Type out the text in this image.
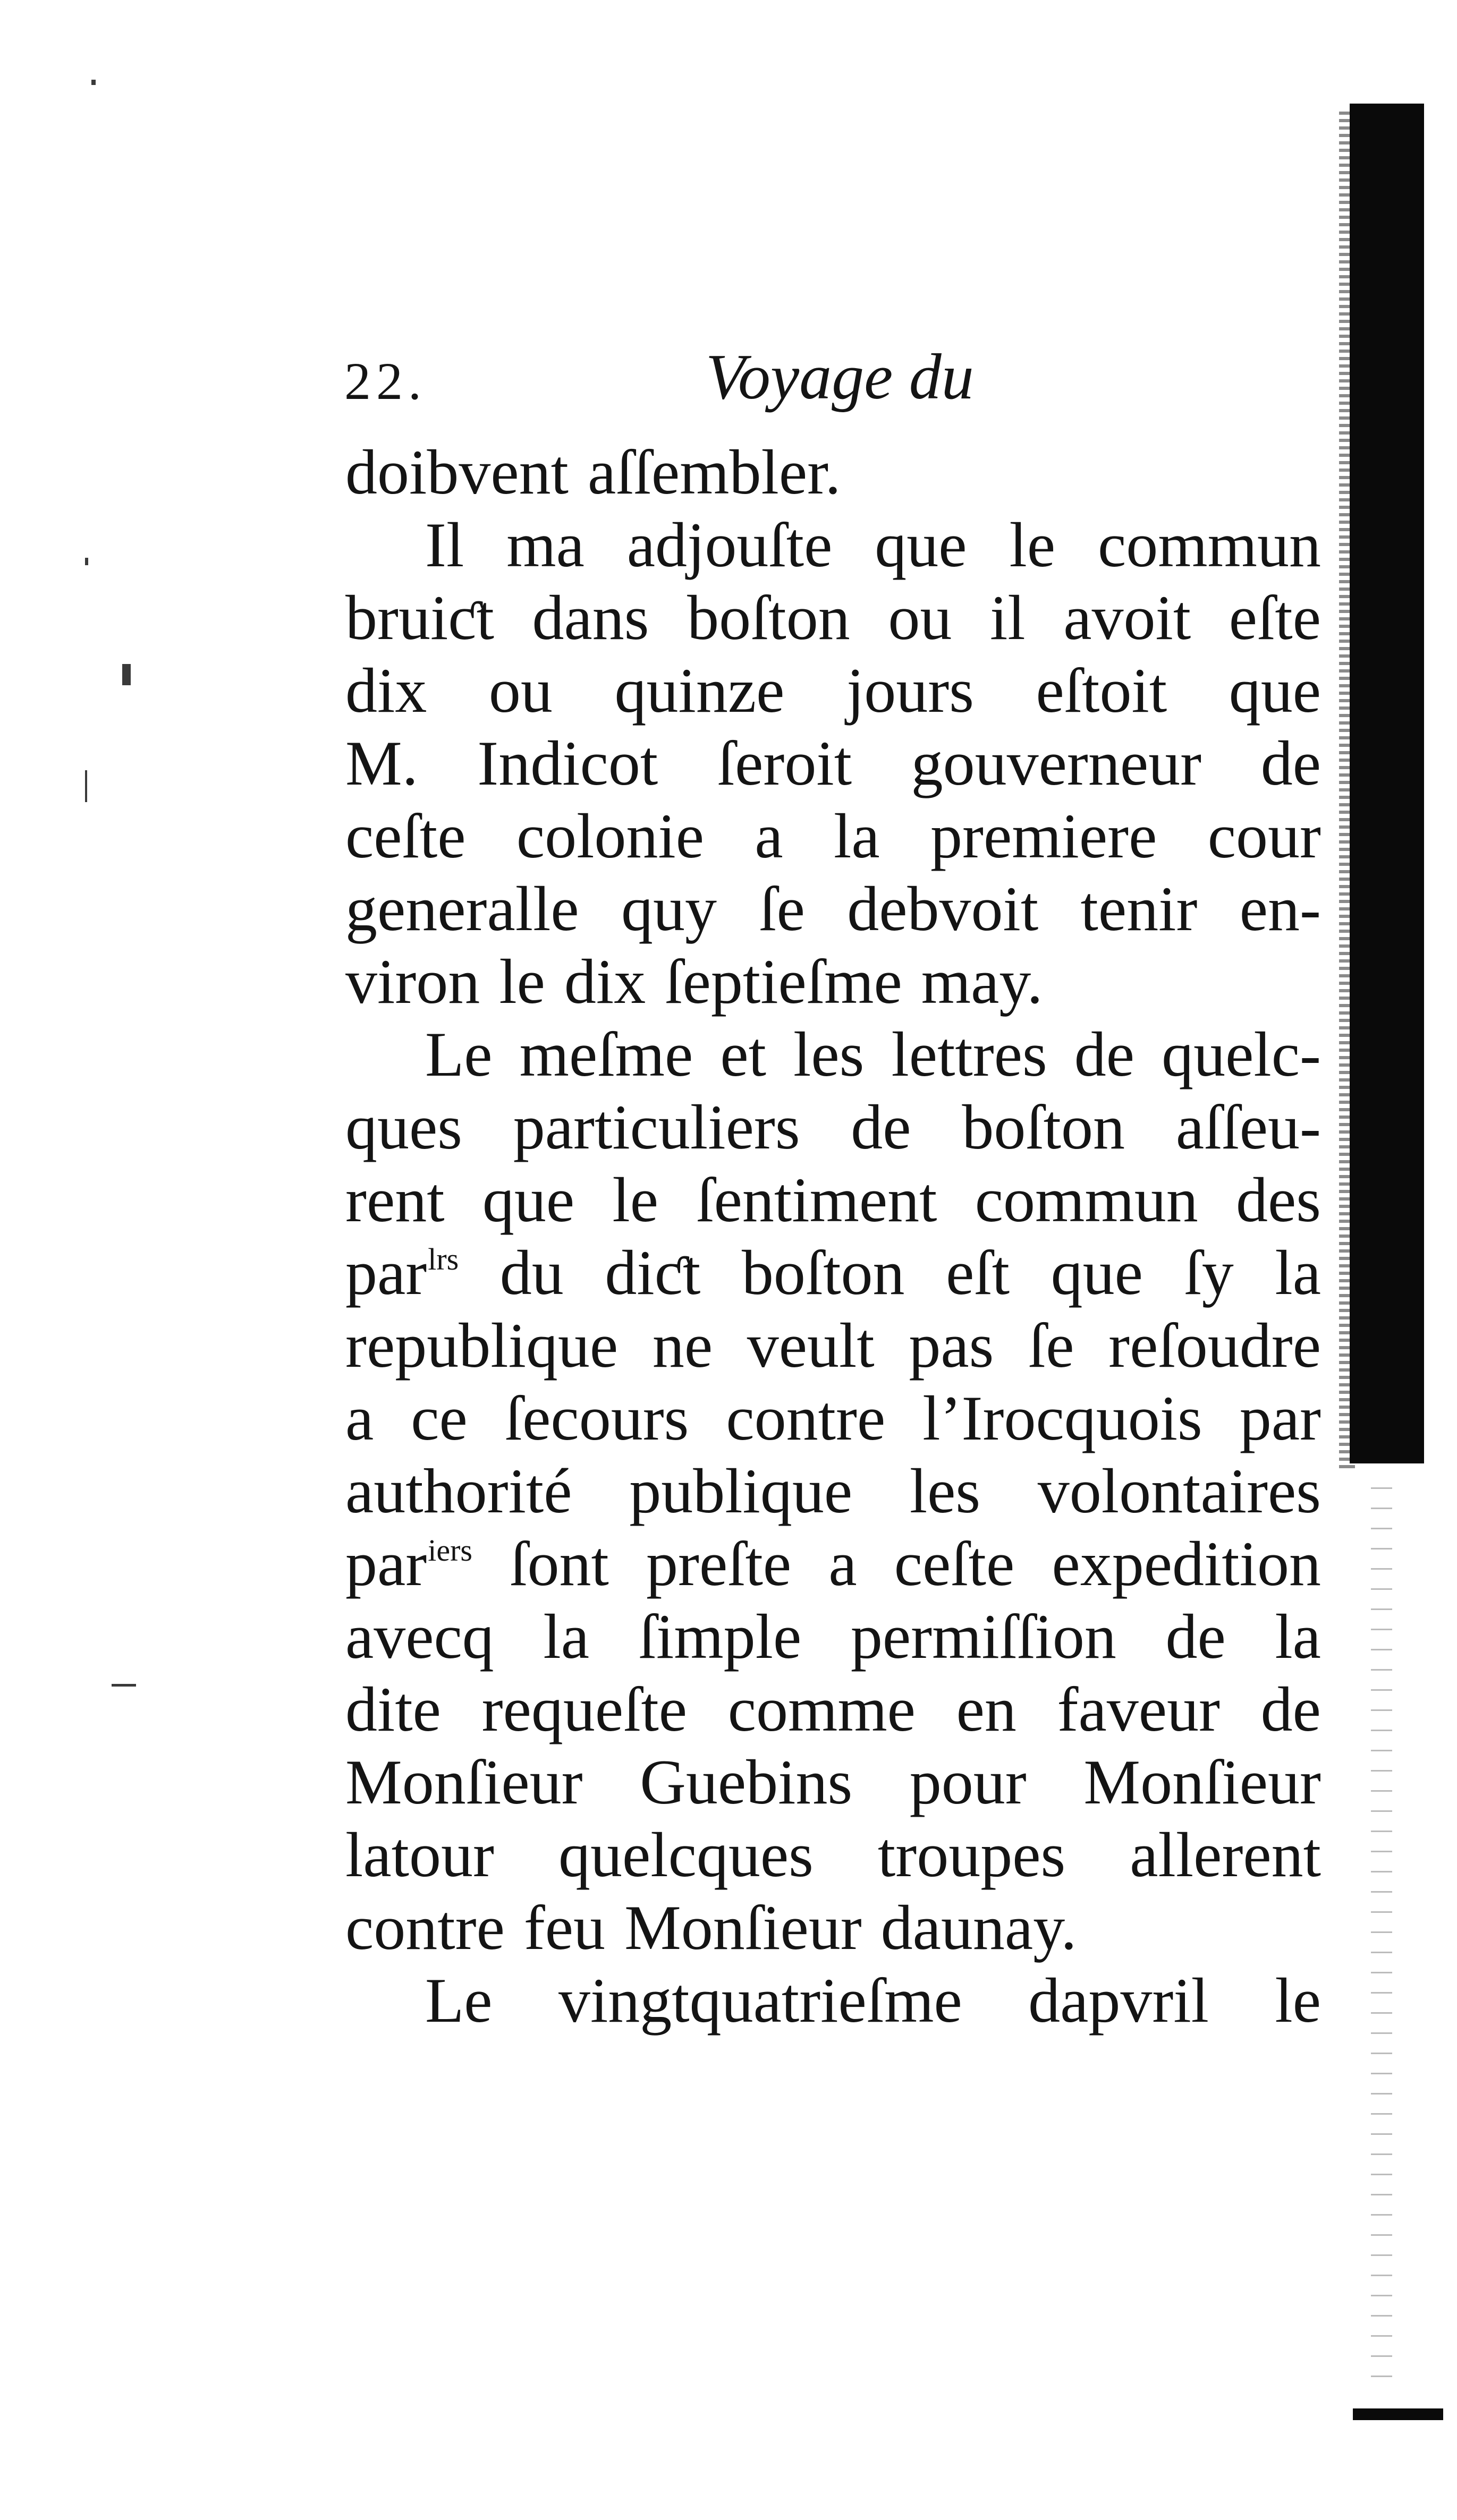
22.	Voyage du
doibvent aſſembler.
Il ma adjouſte que le commun
bruiƈt dans boſton ou il avoit eſte
dix ou quinze jours eſtoit que
M. Indicot ſeroit gouverneur de
ceſte colonie a la premiere cour
generalle quy ſe debvoit tenir en-
viron le dix ſeptieſme may.
Le meſme et les lettres de quelc-
ques particuliers de boſton aſſeu-
rent que le ſentiment commun des
par$^{lrs}$ du diƈt boſton eſt que ſy la
republique ne veult pas ſe reſoudre
a ce ſecours contre l’Irocquois par
authorité publique les volontaires
par$^{iers}$ ſont preſte a ceſte expedition
avecq la ſimple permiſſion de la
dite requeſte comme en faveur de
Monſieur Guebins pour Monſieur
latour quelcques troupes allerent
contre feu Monſieur daunay.
Le vingtquatrieſme dapvril le
